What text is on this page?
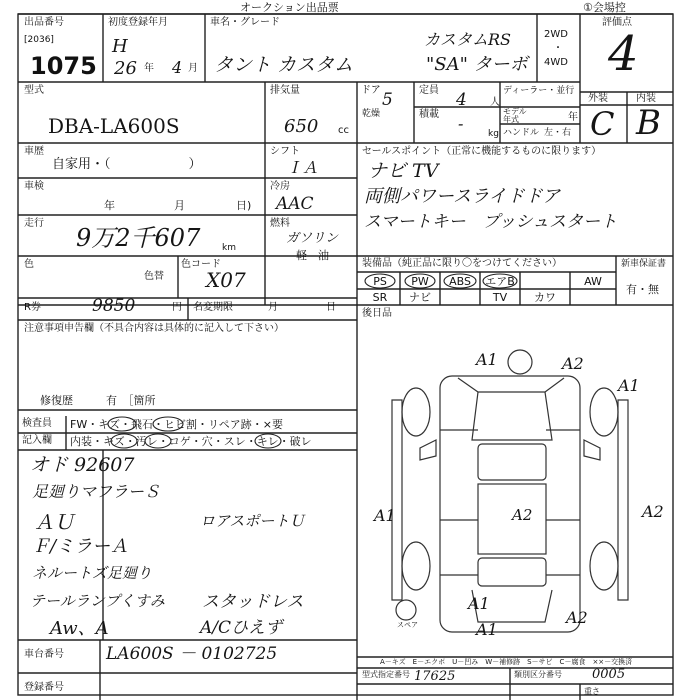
オークション出品票	①会場控
出品番号
[2036]
1075
初度登録年月
H
26 年 4 月
車名・グレード
タント カスタム
カスタムRS
"SA" ターボ
2WD
・
4WD
評価点
4
型式
DBA-LA600S
排気量
650 cc
ドア 5	定員 4 人
ディーラー・並行
モデル年式	年
積載
乾燥	-
kg ハンドル 左・右
外装	内装
C B
車歴
自家用・（　　　　　　）
シフト
ＩＡ
車検
年	月	日)
冷房
AAC
走行
9万2千607 km
燃料
ガソリン
軽　油
色
色替
色コード
X07
セールスポイント（正常に機能するものに限ります）
ナビ TV
両側パワースライドドア
スマートキー　プッシュスタート
装備品（純正品に限り〇をつけてください）
PS	PW	ABS	エアB	AW
SR	ナビ	TV	カワ
新車保証書
有・無
R券	9850	円 名変期限	月	日
後日品
注意事項申告欄（不具合内容は具体的に記入して下さい）
修復歴	有　［箇所
検査員
記入欄
FW・キズ・飛石・ヒビ割・リペア跡・×要
内装・キズ・汚レ・コゲ・穴・スレ・キレ・破レ
オド 92607
足廻りマフラーＳ
ＡＵ	ロアスポートＵ
Ｆ/ミラーＡ
ネルートズ足廻り
テールランプくすみ スタッドレス
Aw、A	A/Cひえず
A1	A2
A1
A1	A2	A2
A1
A2
A1
スペア
車台番号 LA600S － 0102725
登録番号
A－キズ　E－エクボ　U－凹み　W－補修跡　S－サビ　C－腐食　××－交換済
型式指定番号 17625	類別区分番号 0005
重さ
